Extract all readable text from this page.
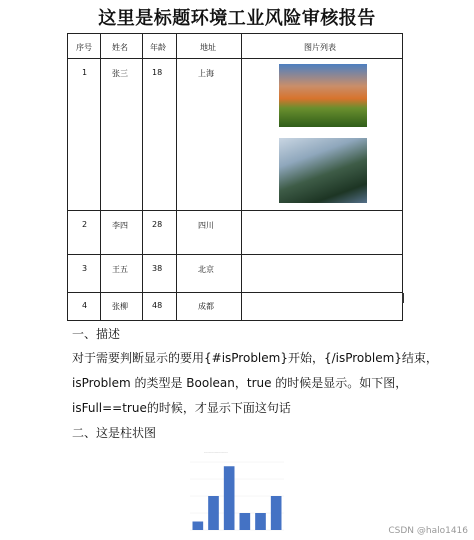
这里是标题环境工业风险审核报告
序号	姓名	年龄	地址	图片列表
1	张三	18	上海
2	李四	28	四川
3	王五	38	北京
4	张柳	48	成都
一、描述
对于需要判断显示的要用{#isProblem}开始，{/isProblem}结束，
isProblem 的类型是 Boolean，true 的时候是显示。如下图，
isFull==true的时候，才显示下面这句话
二、这是柱状图
----------------------
CSDN @halo1416
